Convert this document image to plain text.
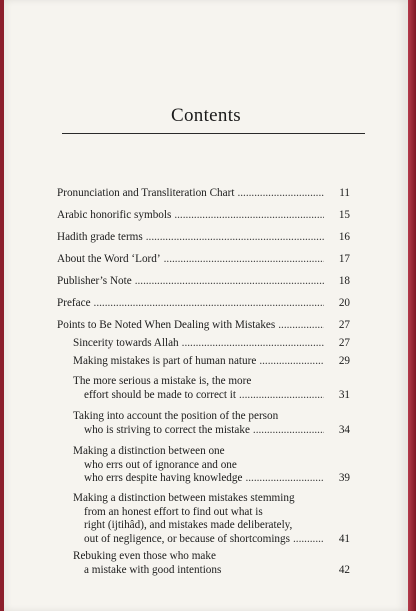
Contents
Pronunciation and Transliteration Chart . . .	11
Arabic honorific symbols . . .	15
Hadith grade terms . . .	16
About the Word ‘Lord’ . . .	17
Publisher’s Note . . .	18
Preface . . .	20
Points to Be Noted When Dealing with Mistakes . . .	27
Sincerity towards Allah . . .	27
Making mistakes is part of human nature . . .	29
The more serious a mistake is, the more
effort should be made to correct it . . .	31
Taking into account the position of the person
who is striving to correct the mistake . . .	34
Making a distinction between one
who errs out of ignorance and one
who errs despite having knowledge . . .	39
Making a distinction between mistakes stemming
from an honest effort to find out what is
right (ijtihâd), and mistakes made deliberately,
out of negligence, or because of shortcomings . . .	41
Rebuking even those who make
a mistake with good intentions	42
